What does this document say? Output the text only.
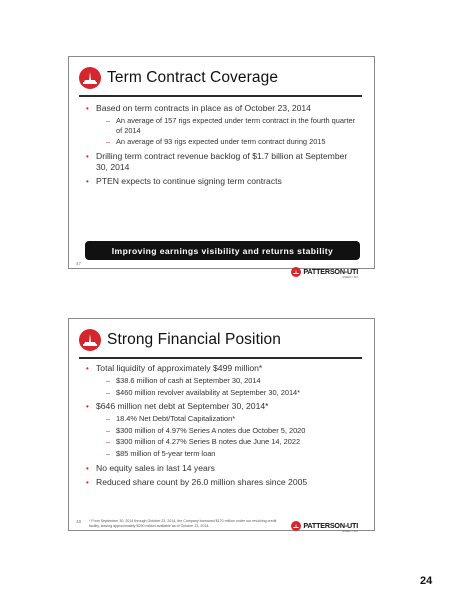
Term Contract Coverage
• Based on term contracts in place as of October 23, 2014
– An average of 157 rigs expected under term contract in the fourth quarter of 2014
– An average of 93 rigs expected under term contract during 2015
• Drilling term contract revenue backlog of $1.7 billion at September 30, 2014
• PTEN expects to continue signing term contracts
Improving earnings visibility and returns stability
47
PATTERSON-UTI
ENERGY INC
Strong Financial Position
• Total liquidity of approximately $499 million*
– $38.6 million of cash at September 30, 2014
– $460 million revolver availability at September 30, 2014*
• $646 million net debt at September 30, 2014*
– 18.4% Net Debt/Total Capitalization*
– $300 million of 4.97% Series A notes due October 5, 2020
– $300 million of 4.27% Series B notes due June 14, 2022
– $85 million of 5-year term loan
• No equity sales in last 14 years
• Reduced share count by 26.0 million shares since 2005
48 * From September 30, 2014 through October 23, 2014, the Company borrowed $170 million under our revolving credit facility, leaving approximately $290 million available as of October 23, 2014.	PATTERSON-UTI
ENERGY INC
24
